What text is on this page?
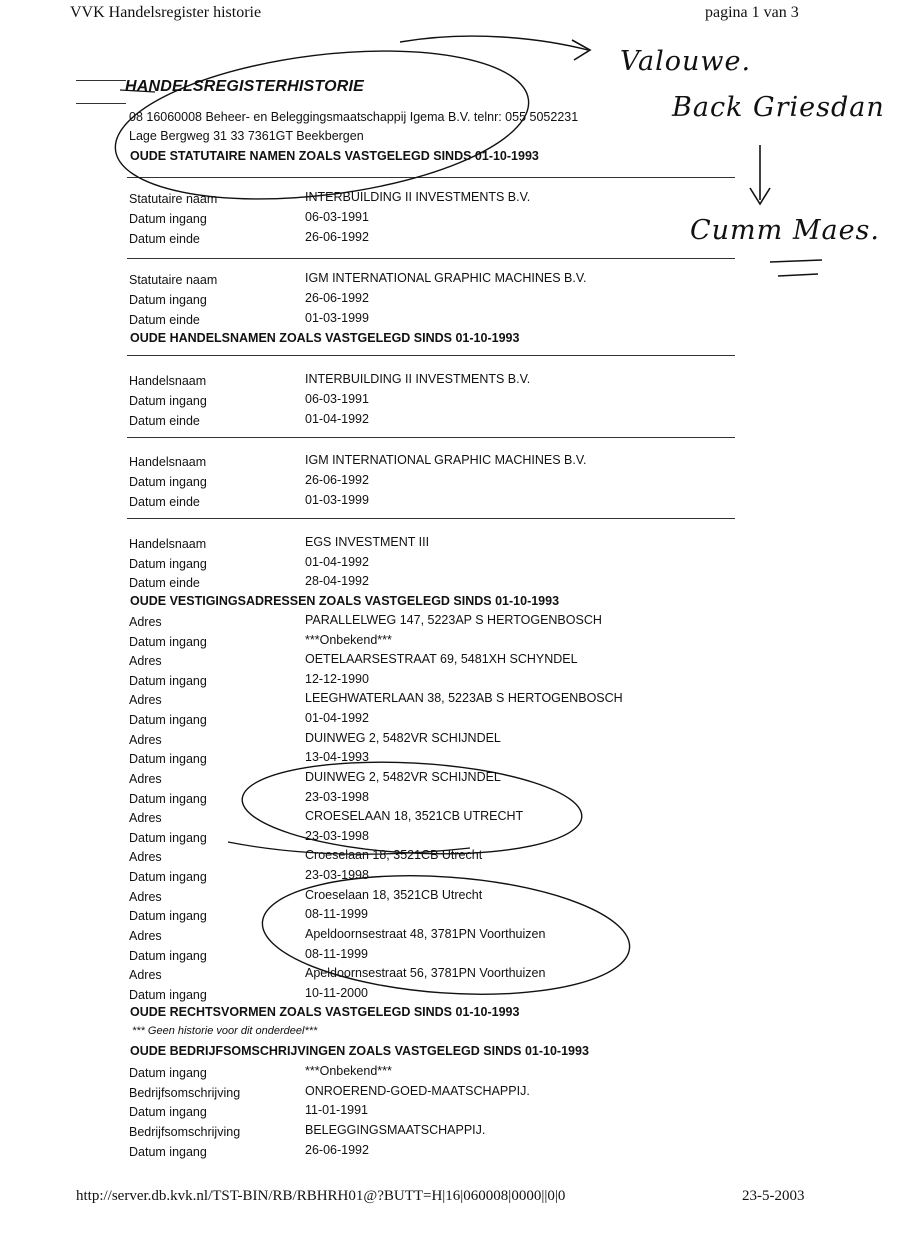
VVK Handelsregister historie	pagina 1 van 3
HANDELSREGISTERHISTORIE
08 16060008 Beheer- en Beleggingsmaatschappij Igema B.V. telnr: 055 5052231
Lage Bergweg 31 33 7361GT Beekbergen
OUDE STATUTAIRE NAMEN ZOALS VASTGELEGD SINDS 01-10-1993
Statutaire naam	INTERBUILDING II INVESTMENTS B.V.
Datum ingang	06-03-1991
Datum einde	26-06-1992
Statutaire naam	IGM INTERNATIONAL GRAPHIC MACHINES B.V.
Datum ingang	26-06-1992
Datum einde	01-03-1999
OUDE HANDELSNAMEN ZOALS VASTGELEGD SINDS 01-10-1993
Handelsnaam	INTERBUILDING II INVESTMENTS B.V.
Datum ingang	06-03-1991
Datum einde	01-04-1992
Handelsnaam	IGM INTERNATIONAL GRAPHIC MACHINES B.V.
Datum ingang	26-06-1992
Datum einde	01-03-1999
Handelsnaam	EGS INVESTMENT III
Datum ingang	01-04-1992
Datum einde	28-04-1992
OUDE VESTIGINGSADRESSEN ZOALS VASTGELEGD SINDS 01-10-1993
Adres	PARALLELWEG 147, 5223AP S HERTOGENBOSCH
Datum ingang	***Onbekend***
Adres	OETELAARSESTRAAT 69, 5481XH SCHYNDEL
Datum ingang	12-12-1990
Adres	LEEGHWATERLAAN 38, 5223AB S HERTOGENBOSCH
Datum ingang	01-04-1992
Adres	DUINWEG 2, 5482VR SCHIJNDEL
Datum ingang	13-04-1993
Adres	DUINWEG 2, 5482VR SCHIJNDEL
Datum ingang	23-03-1998
Adres	CROESELAAN 18, 3521CB UTRECHT
Datum ingang	23-03-1998
Adres	Croeselaan 18, 3521CB Utrecht
Datum ingang	23-03-1998
Adres	Croeselaan 18, 3521CB Utrecht
Datum ingang	08-11-1999
Adres	Apeldoornsestraat 48, 3781PN Voorthuizen
Datum ingang	08-11-1999
Adres	Apeldoornsestraat 56, 3781PN Voorthuizen
Datum ingang	10-11-2000
OUDE RECHTSVORMEN ZOALS VASTGELEGD SINDS 01-10-1993
*** Geen historie voor dit onderdeel***
OUDE BEDRIJFSOMSCHRIJVINGEN ZOALS VASTGELEGD SINDS 01-10-1993
Datum ingang	***Onbekend***
Bedrijfsomschrijving	ONROEREND-GOED-MAATSCHAPPIJ.
Datum ingang	11-01-1991
Bedrijfsomschrijving	BELEGGINGSMAATSCHAPPIJ.
Datum ingang	26-06-1992
http://server.db.kvk.nl/TST-BIN/RB/RBHRH01@?BUTT=H|16|060008|0000||0|0	23-5-2003
Valouwe.
Back Griesdan
Cumm Maes.
